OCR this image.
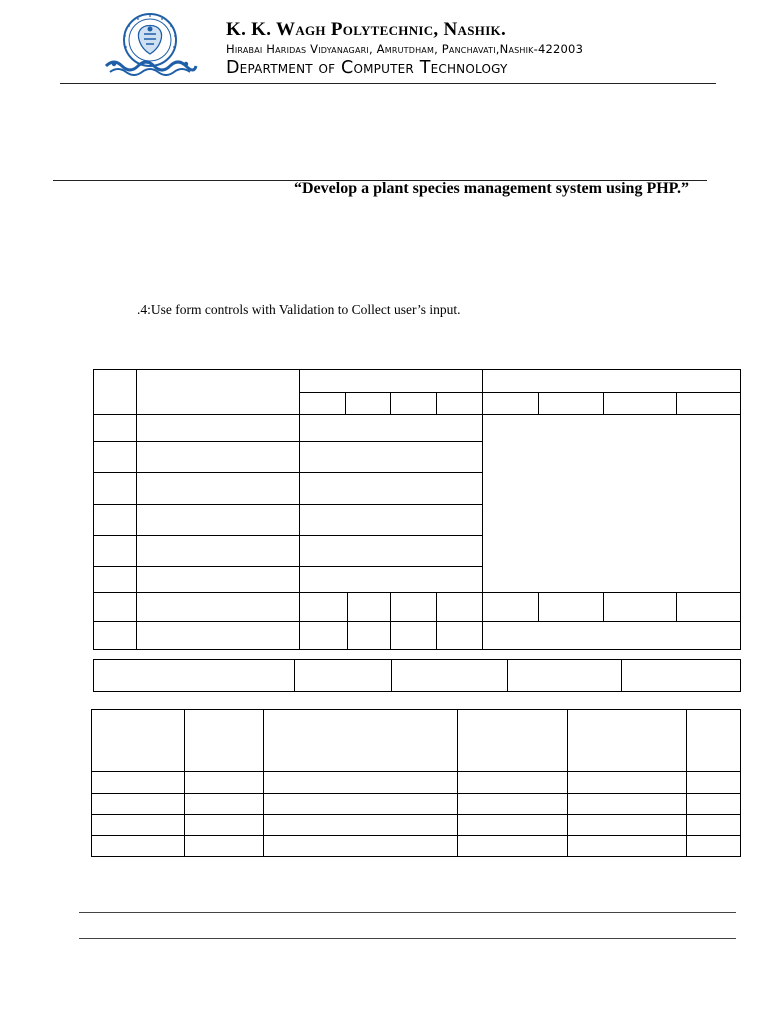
K. K. Wagh Polytechnic, Nashik.
Hirabai Haridas Vidyanagari, Amrutdham, Panchavati,Nashik-422003
Department of Computer Technology
“Develop a plant species management system using PHP.”
.4:Use form controls with Validation to Collect user’s input.
